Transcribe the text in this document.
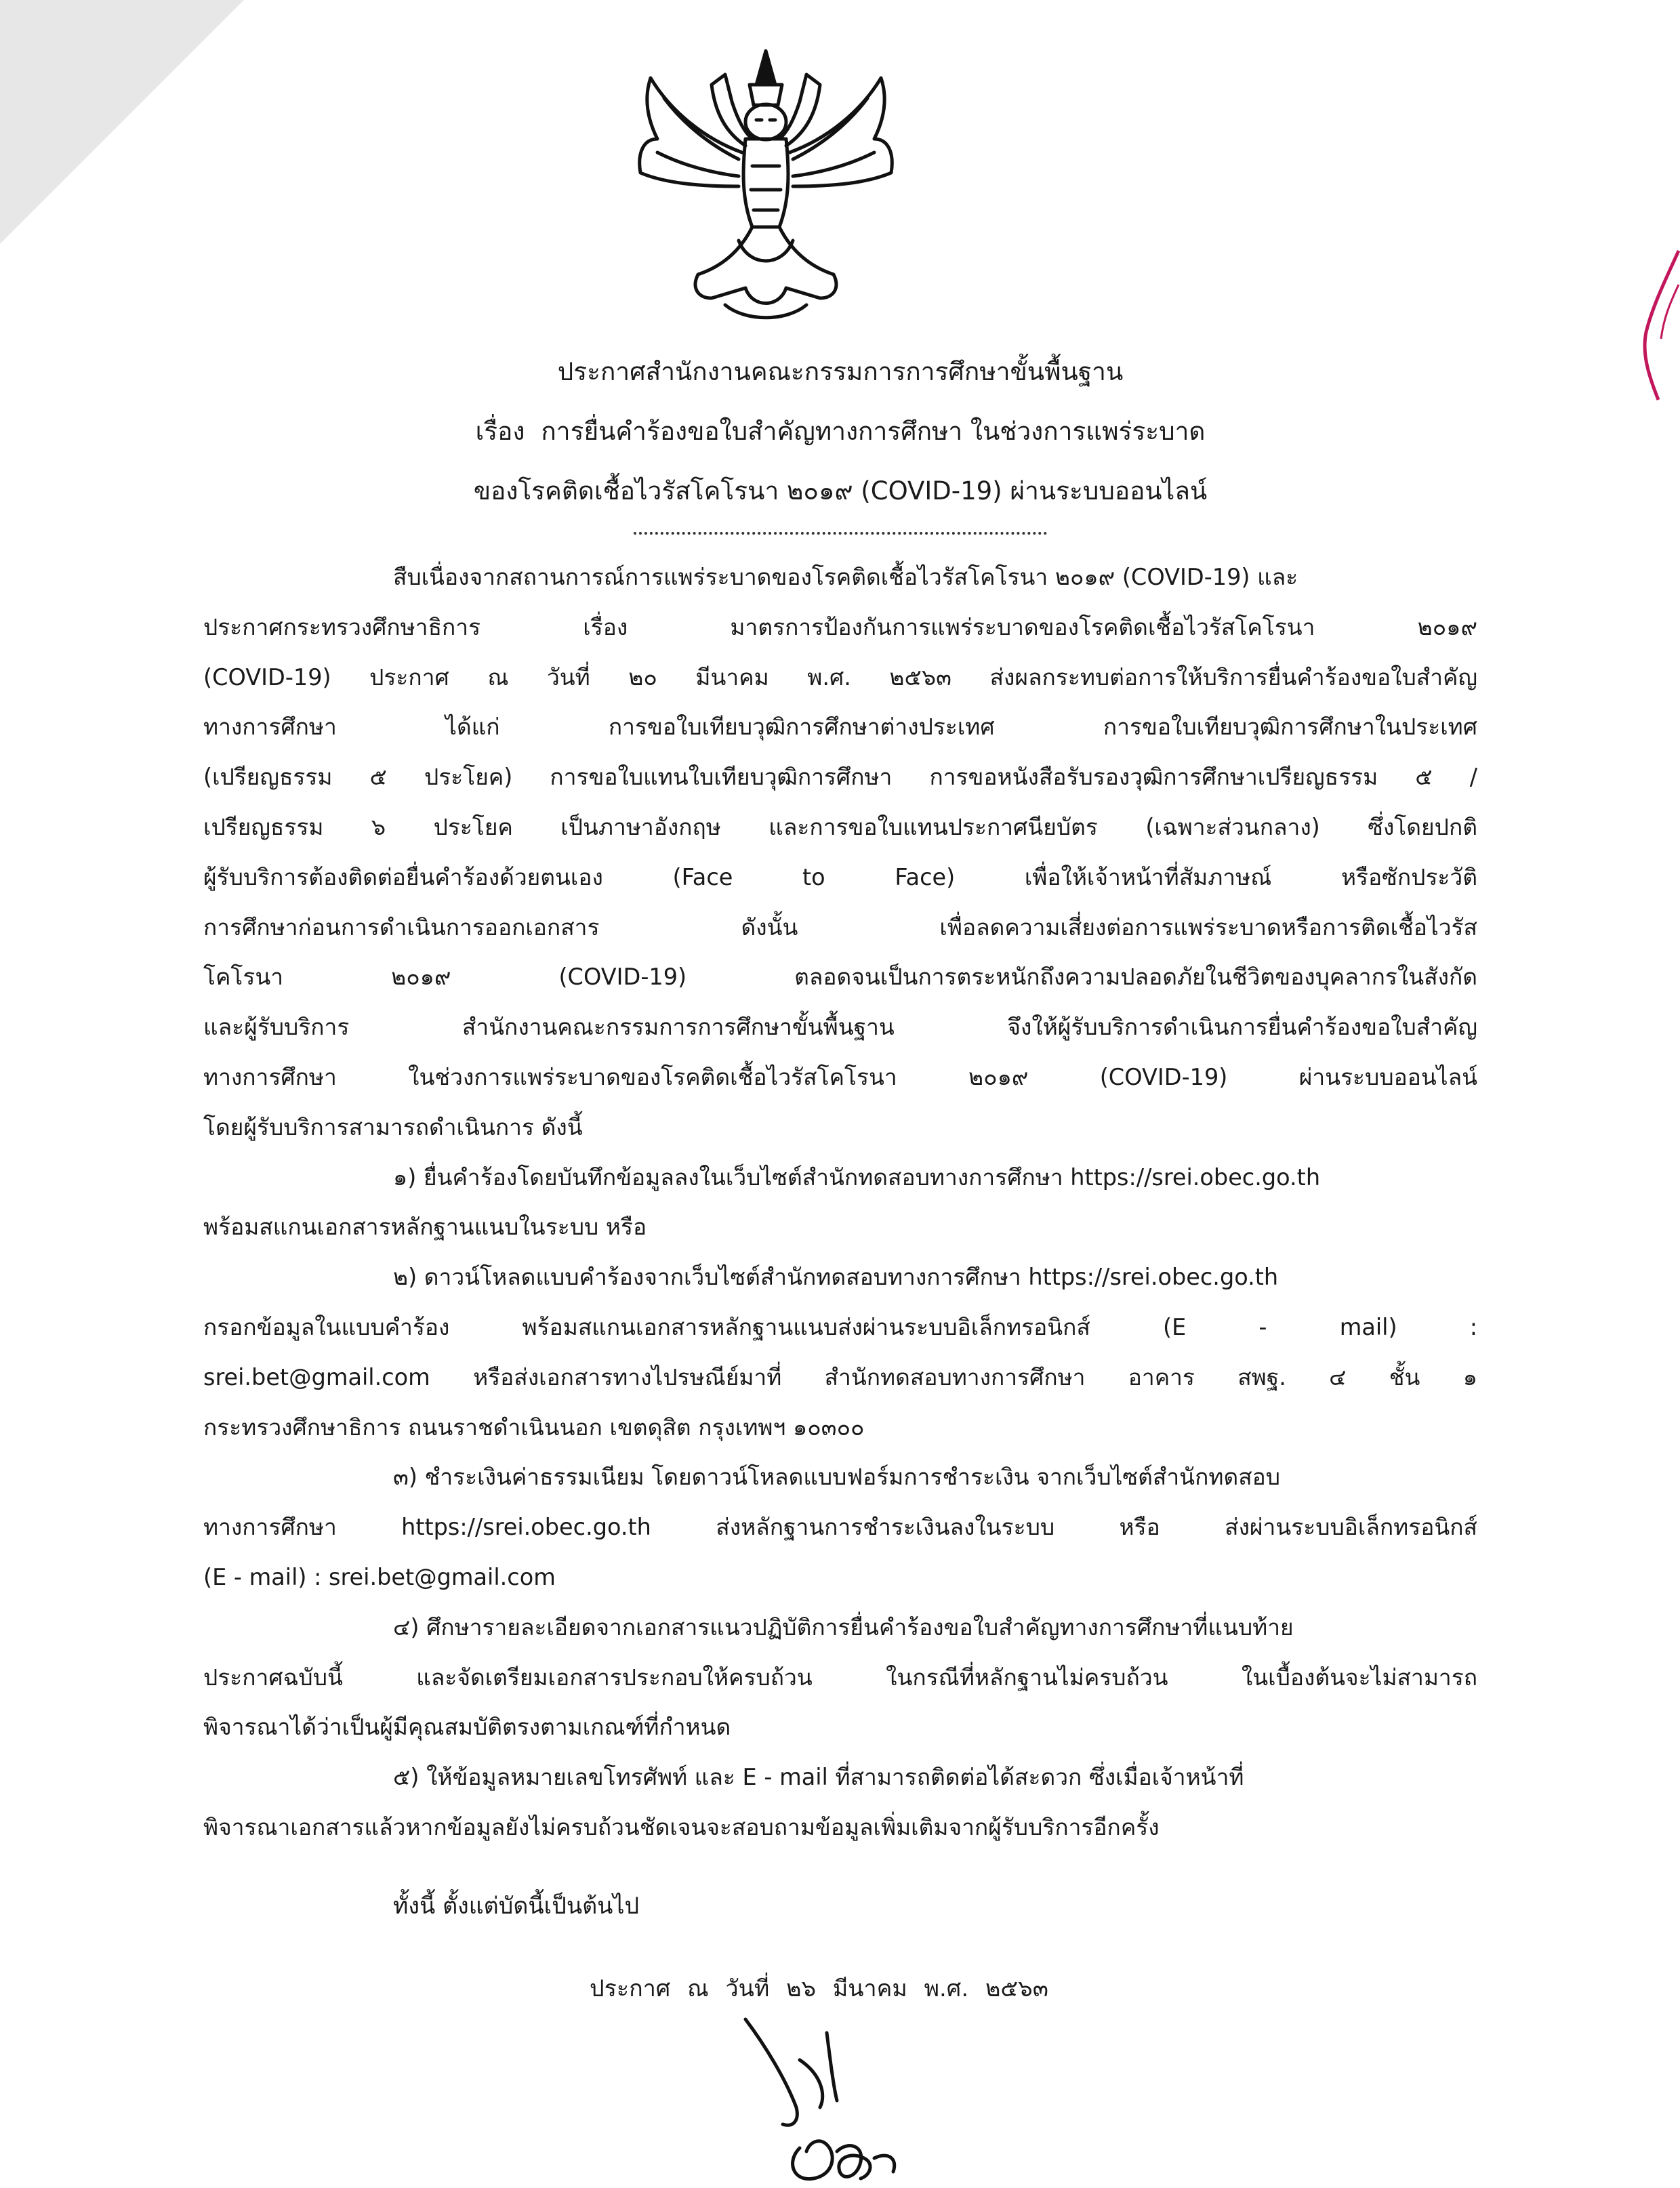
ประกาศสำนักงานคณะกรรมการการศึกษาขั้นพื้นฐาน
เรื่อง การยื่นคำร้องขอใบสำคัญทางการศึกษา ในช่วงการแพร่ระบาด
ของโรคติดเชื้อไวรัสโคโรนา ๒๐๑๙ (COVID-19) ผ่านระบบออนไลน์
สืบเนื่องจากสถานการณ์การแพร่ระบาดของโรคติดเชื้อไวรัสโคโรนา ๒๐๑๙ (COVID-19) และ
ประกาศกระทรวงศึกษาธิการ เรื่อง มาตรการป้องกันการแพร่ระบาดของโรคติดเชื้อไวรัสโคโรนา ๒๐๑๙
(COVID-19) ประกาศ ณ วันที่ ๒๐ มีนาคม พ.ศ. ๒๕๖๓ ส่งผลกระทบต่อการให้บริการยื่นคำร้องขอใบสำคัญ
ทางการศึกษา ได้แก่ การขอใบเทียบวุฒิการศึกษาต่างประเทศ การขอใบเทียบวุฒิการศึกษาในประเทศ
(เปรียญธรรม ๕ ประโยค) การขอใบแทนใบเทียบวุฒิการศึกษา การขอหนังสือรับรองวุฒิการศึกษาเปรียญธรรม ๕ /
เปรียญธรรม ๖ ประโยค เป็นภาษาอังกฤษ และการขอใบแทนประกาศนียบัตร (เฉพาะส่วนกลาง) ซึ่งโดยปกติ
ผู้รับบริการต้องติดต่อยื่นคำร้องด้วยตนเอง (Face to Face) เพื่อให้เจ้าหน้าที่สัมภาษณ์ หรือซักประวัติ
การศึกษาก่อนการดำเนินการออกเอกสาร ดังนั้น เพื่อลดความเสี่ยงต่อการแพร่ระบาดหรือการติดเชื้อไวรัส
โคโรนา ๒๐๑๙ (COVID-19) ตลอดจนเป็นการตระหนักถึงความปลอดภัยในชีวิตของบุคลากรในสังกัด
และผู้รับบริการ สำนักงานคณะกรรมการการศึกษาขั้นพื้นฐาน จึงให้ผู้รับบริการดำเนินการยื่นคำร้องขอใบสำคัญ
ทางการศึกษา ในช่วงการแพร่ระบาดของโรคติดเชื้อไวรัสโคโรนา ๒๐๑๙ (COVID-19) ผ่านระบบออนไลน์
โดยผู้รับบริการสามารถดำเนินการ ดังนี้
๑) ยื่นคำร้องโดยบันทึกข้อมูลลงในเว็บไซต์สำนักทดสอบทางการศึกษา https://srei.obec.go.th
พร้อมสแกนเอกสารหลักฐานแนบในระบบ หรือ
๒) ดาวน์โหลดแบบคำร้องจากเว็บไซต์สำนักทดสอบทางการศึกษา https://srei.obec.go.th
กรอกข้อมูลในแบบคำร้อง พร้อมสแกนเอกสารหลักฐานแนบส่งผ่านระบบอิเล็กทรอนิกส์ (E - mail) :
srei.bet@gmail.com หรือส่งเอกสารทางไปรษณีย์มาที่ สำนักทดสอบทางการศึกษา อาคาร สพฐ. ๔ ชั้น ๑
กระทรวงศึกษาธิการ ถนนราชดำเนินนอก เขตดุสิต กรุงเทพฯ ๑๐๓๐๐
๓) ชำระเงินค่าธรรมเนียม โดยดาวน์โหลดแบบฟอร์มการชำระเงิน จากเว็บไซต์สำนักทดสอบ
ทางการศึกษา https://srei.obec.go.th ส่งหลักฐานการชำระเงินลงในระบบ หรือ ส่งผ่านระบบอิเล็กทรอนิกส์
(E - mail) : srei.bet@gmail.com
๔) ศึกษารายละเอียดจากเอกสารแนวปฏิบัติการยื่นคำร้องขอใบสำคัญทางการศึกษาที่แนบท้าย
ประกาศฉบับนี้ และจัดเตรียมเอกสารประกอบให้ครบถ้วน ในกรณีที่หลักฐานไม่ครบถ้วน ในเบื้องต้นจะไม่สามารถ
พิจารณาได้ว่าเป็นผู้มีคุณสมบัติตรงตามเกณฑ์ที่กำหนด
๕) ให้ข้อมูลหมายเลขโทรศัพท์ และ E - mail ที่สามารถติดต่อได้สะดวก ซึ่งเมื่อเจ้าหน้าที่
พิจารณาเอกสารแล้วหากข้อมูลยังไม่ครบถ้วนชัดเจนจะสอบถามข้อมูลเพิ่มเติมจากผู้รับบริการอีกครั้ง
ทั้งนี้ ตั้งแต่บัดนี้เป็นต้นไป
ประกาศ ณ วันที่ ๒๖ มีนาคม พ.ศ. ๒๕๖๓
